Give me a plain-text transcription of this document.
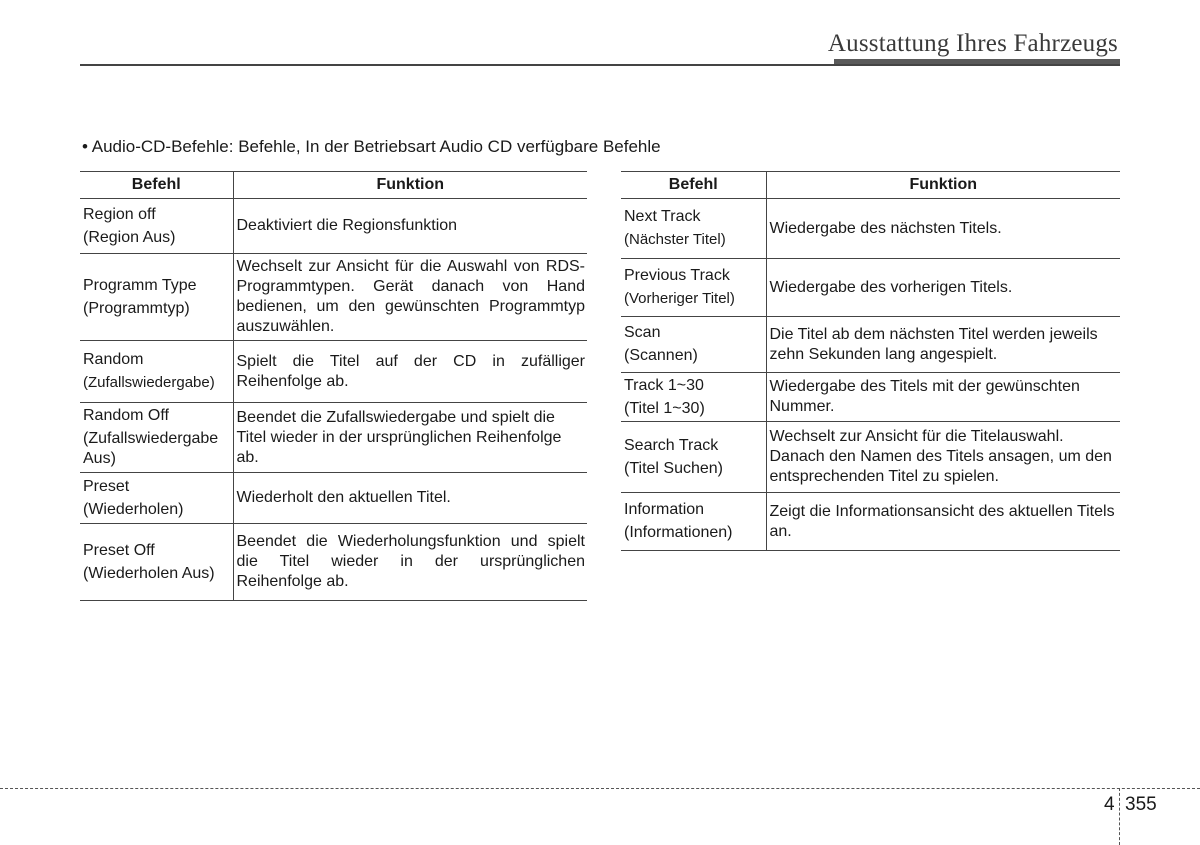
Ausstattung Ihres Fahrzeugs
• Audio-CD-Befehle: Befehle, In der Betriebsart Audio CD verfügbare Befehle
Befehl	Funktion
Region off
(Region Aus)	Deaktiviert die Regionsfunktion
Programm Type
(Programmtyp)	Wechselt zur Ansicht für die Auswahl von RDS-Programmtypen. Gerät danach von Hand bedienen, um den gewünschten Programmtyp auszuwählen.
Random
(Zufallswiedergabe)	Spielt die Titel auf der CD in zufälliger Reihenfolge ab.
Random Off
(Zufallswiedergabe Aus)	Beendet die Zufallswiedergabe und spielt die Titel wieder in der ursprünglichen Reihenfolge ab.
Preset
(Wiederholen)	Wiederholt den aktuellen Titel.
Preset Off
(Wiederholen Aus)	Beendet die Wiederholungsfunktion und spielt die Titel wieder in der ursprünglichen Reihenfolge ab.
Befehl	Funktion
Next Track
(Nächster Titel)	Wiedergabe des nächsten Titels.
Previous Track
(Vorheriger Titel)	Wiedergabe des vorherigen Titels.
Scan
(Scannen)	Die Titel ab dem nächsten Titel werden jeweils zehn Sekunden lang angespielt.
Track 1~30
(Titel 1~30)	Wiedergabe des Titels mit der gewünschten Nummer.
Search Track
(Titel Suchen)	Wechselt zur Ansicht für die Titelauswahl. Danach den Namen des Titels ansagen, um den entsprechenden Titel zu spielen.
Information
(Informationen)	Zeigt die Informationsansicht des aktuellen Titels an.
4 355
